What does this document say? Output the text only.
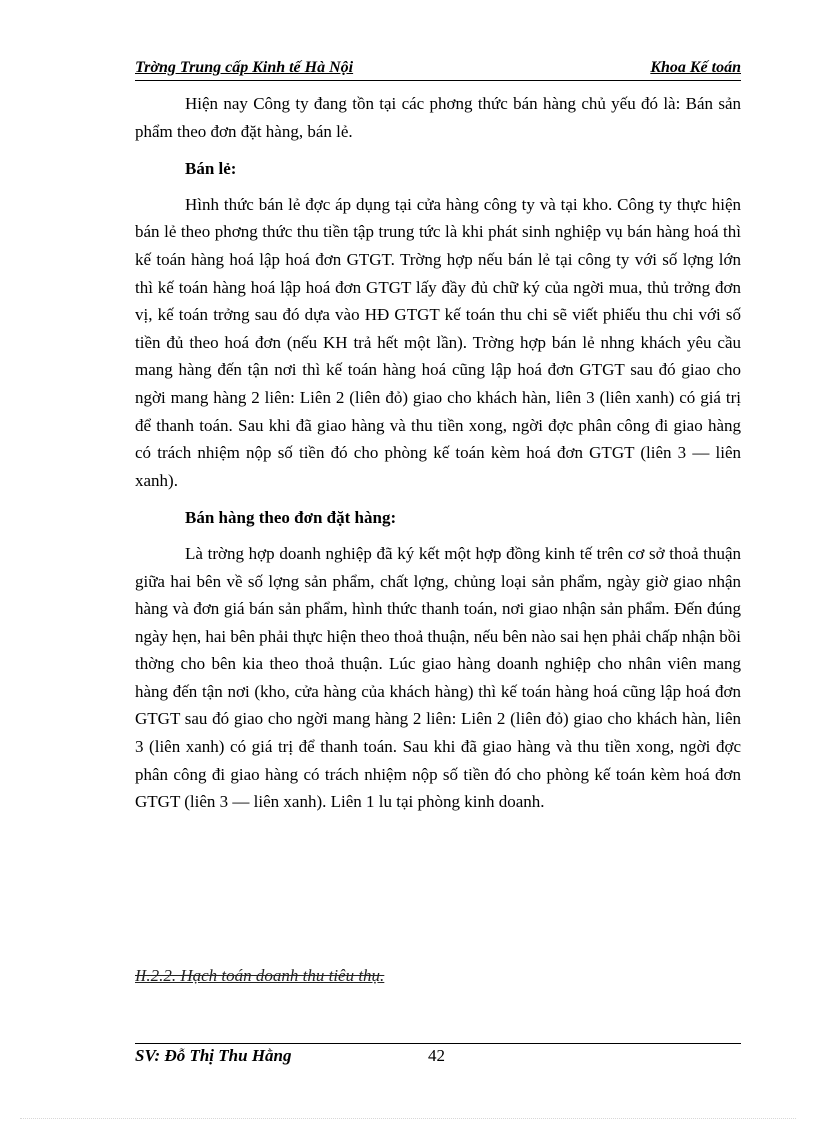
Trờng Trung cấp Kinh tế Hà Nội	Khoa Kế toán

Hiện nay Công ty đang tồn tại các phơng thức bán hàng chủ yếu đó là: Bán sản phẩm theo đơn đặt hàng, bán lẻ.

Bán lẻ:

Hình thức bán lẻ đợc áp dụng tại cửa hàng công ty và tại kho. Công ty thực hiện bán lẻ theo phơng thức thu tiền tập trung tức là khi phát sinh nghiệp vụ bán hàng hoá thì kế toán hàng hoá lập hoá đơn GTGT. Trờng hợp nếu bán lẻ tại công ty với số lợng lớn thì kế toán hàng hoá lập hoá đơn GTGT lấy đầy đủ chữ ký của ngời mua, thủ trởng đơn vị, kế toán trởng sau đó dựa vào HĐ GTGT kế toán thu chi sẽ viết phiếu thu chi với số tiền đủ theo hoá đơn (nếu KH trả hết một lần). Trờng hợp bán lẻ nhng khách yêu cầu mang hàng đến tận nơi thì kế toán hàng hoá cũng lập hoá đơn GTGT sau đó giao cho ngời mang hàng 2 liên: Liên 2 (liên đỏ) giao cho khách hàn, liên 3 (liên xanh) có giá trị để thanh toán. Sau khi đã giao hàng và thu tiền xong, ngời đợc phân công đi giao hàng có trách nhiệm nộp số tiền đó cho phòng kế toán kèm hoá đơn GTGT (liên 3 — liên xanh).

Bán hàng theo đơn đặt hàng:

Là trờng hợp doanh nghiệp đã ký kết một hợp đồng kinh tế trên cơ sở thoả thuận giữa hai bên về số lợng sản phẩm, chất lợng, chủng loại sản phẩm, ngày giờ giao nhận hàng và đơn giá bán sản phẩm, hình thức thanh toán, nơi giao nhận sản phẩm. Đến đúng ngày hẹn, hai bên phải thực hiện theo thoả thuận, nếu bên nào sai hẹn phải chấp nhận bồi thờng cho bên kia theo thoả thuận. Lúc giao hàng doanh nghiệp cho nhân viên mang hàng đến tận nơi (kho, cửa hàng của khách hàng) thì kế toán hàng hoá cũng lập hoá đơn GTGT sau đó giao cho ngời mang hàng 2 liên: Liên 2 (liên đỏ) giao cho khách hàn, liên 3 (liên xanh) có giá trị để thanh toán. Sau khi đã giao hàng và thu tiền xong, ngời đợc phân công đi giao hàng có trách nhiệm nộp số tiền đó cho phòng kế toán kèm hoá đơn GTGT (liên 3 — liên xanh). Liên 1 lu tại phòng kinh doanh.

II.2.2. Hạch toán doanh thu tiêu thụ.
SV: Đỗ Thị Thu Hằng	42
